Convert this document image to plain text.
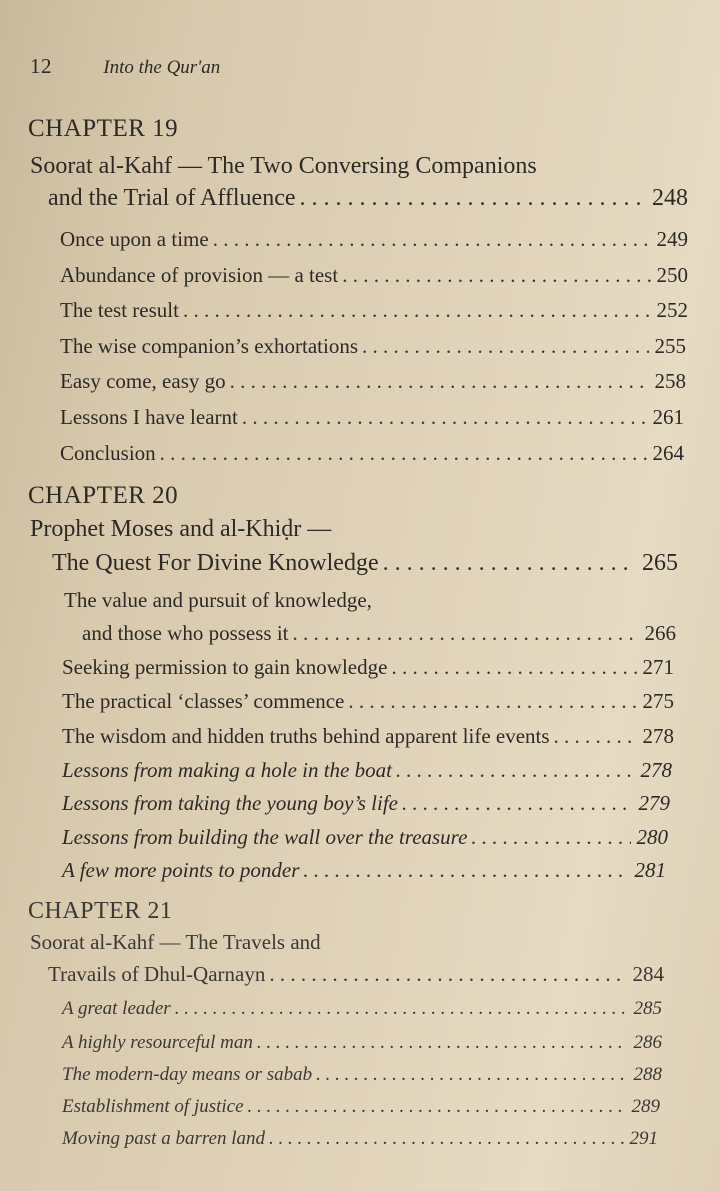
12	Into the Qur'an
CHAPTER 19
Soorat al-Kahf — The Two Conversing Companions
and the Trial of Affluence . . .	248
Once upon a time . . .	249
Abundance of provision — a test . . .	250
The test result . . .	252
The wise companion’s exhortations . . .	255
Easy come, easy go . . .	258
Lessons I have learnt . . .	261
Conclusion . . .	264
CHAPTER 20
Prophet Moses and al-Khiḍr —
The Quest For Divine Knowledge . . .	265
The value and pursuit of knowledge,
and those who possess it . . .	266
Seeking permission to gain knowledge . . .	271
The practical ‘classes’ commence . . .	275
The wisdom and hidden truths behind apparent life events . . .	278
Lessons from making a hole in the boat . . .	278
Lessons from taking the young boy’s life . . .	279
Lessons from building the wall over the treasure . . .	280
A few more points to ponder . . .	281
CHAPTER 21
Soorat al-Kahf — The Travels and
Travails of Dhul-Qarnayn . . .	284
A great leader . . .	285
A highly resourceful man . . .	286
The modern-day means or sabab . . .	288
Establishment of justice . . .	289
Moving past a barren land . . .	291
